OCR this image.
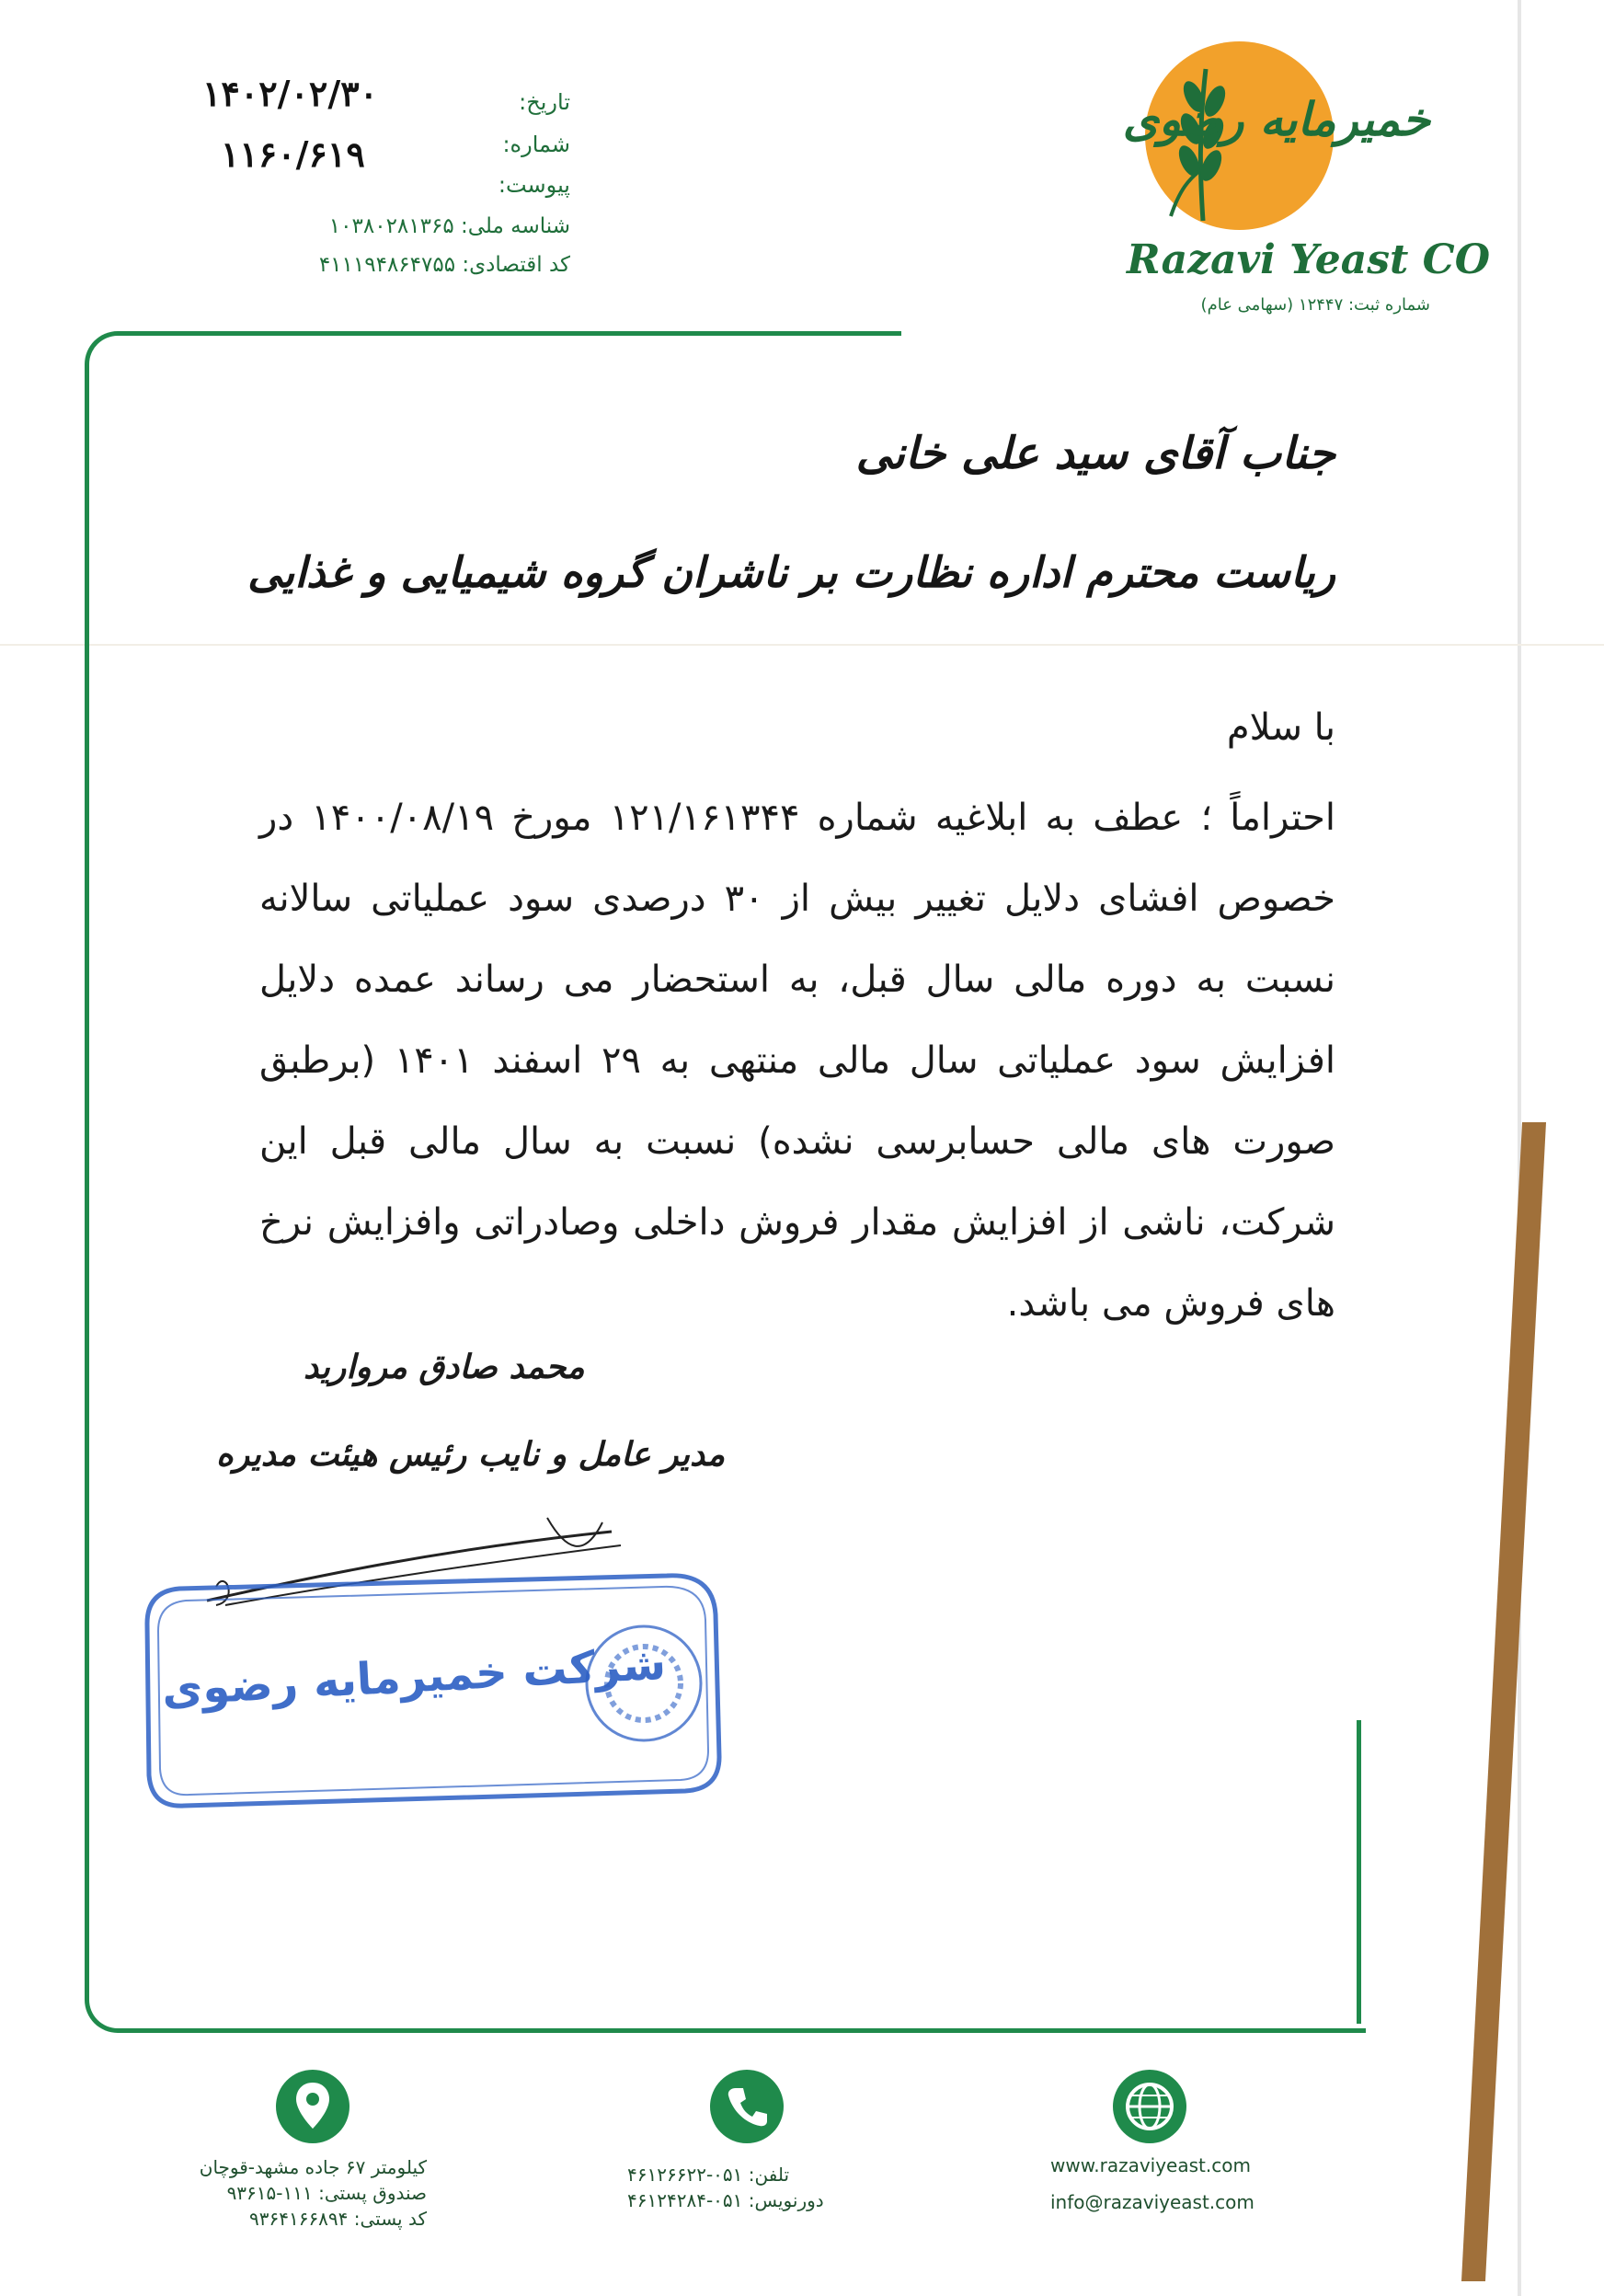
خمیرمایه رضوی
Razavi Yeast CO
شماره ثبت: ۱۲۴۴۷ (سهامی عام)
تاریخ:
۱۴۰۲/۰۲/۳۰
شماره:
۱۱۶۰/۶۱۹
پیوست:
شناسه ملی: ۱۰۳۸۰۲۸۱۳۶۵
کد اقتصادی: ۴۱۱۱۹۴۸۶۴۷۵۵
جناب آقای سید علی خانی
ریاست محترم اداره نظارت بر ناشران گروه شیمیایی و غذایی
با سلام
احتراماً ؛ عطف به ابلاغیه شماره ۱۲۱/۱۶۱۳۴۴ مورخ ۱۴۰۰/۰۸/۱۹ در خصوص افشای دلایل تغییر بیش از ۳۰ درصدی سود عملیاتی سالانه نسبت به دوره مالی سال قبل، به استحضار می رساند عمده دلایل افزایش سود عملیاتی سال مالی منتهی به ۲۹ اسفند ۱۴۰۱ (برطبق صورت های مالی حسابرسی نشده) نسبت به سال مالی قبل این شرکت، ناشی از افزایش مقدار فروش داخلی وصادراتی وافزایش نرخ های فروش می باشد.
محمد صادق مروارید
مدیر عامل و نایب رئیس هیئت مدیره
شرکت خمیرمایه رضوی
www.razaviyeast.com
info@razaviyeast.com
تلفن: ۰۵۱-۴۶۱۲۶۶۲۲
دورنویس: ۰۵۱-۴۶۱۲۴۲۸۴
کیلومتر ۶۷ جاده مشهد-قوچان
صندوق پستی: ۱۱۱-۹۳۶۱۵
کد پستی: ۹۳۶۴۱۶۶۸۹۴
